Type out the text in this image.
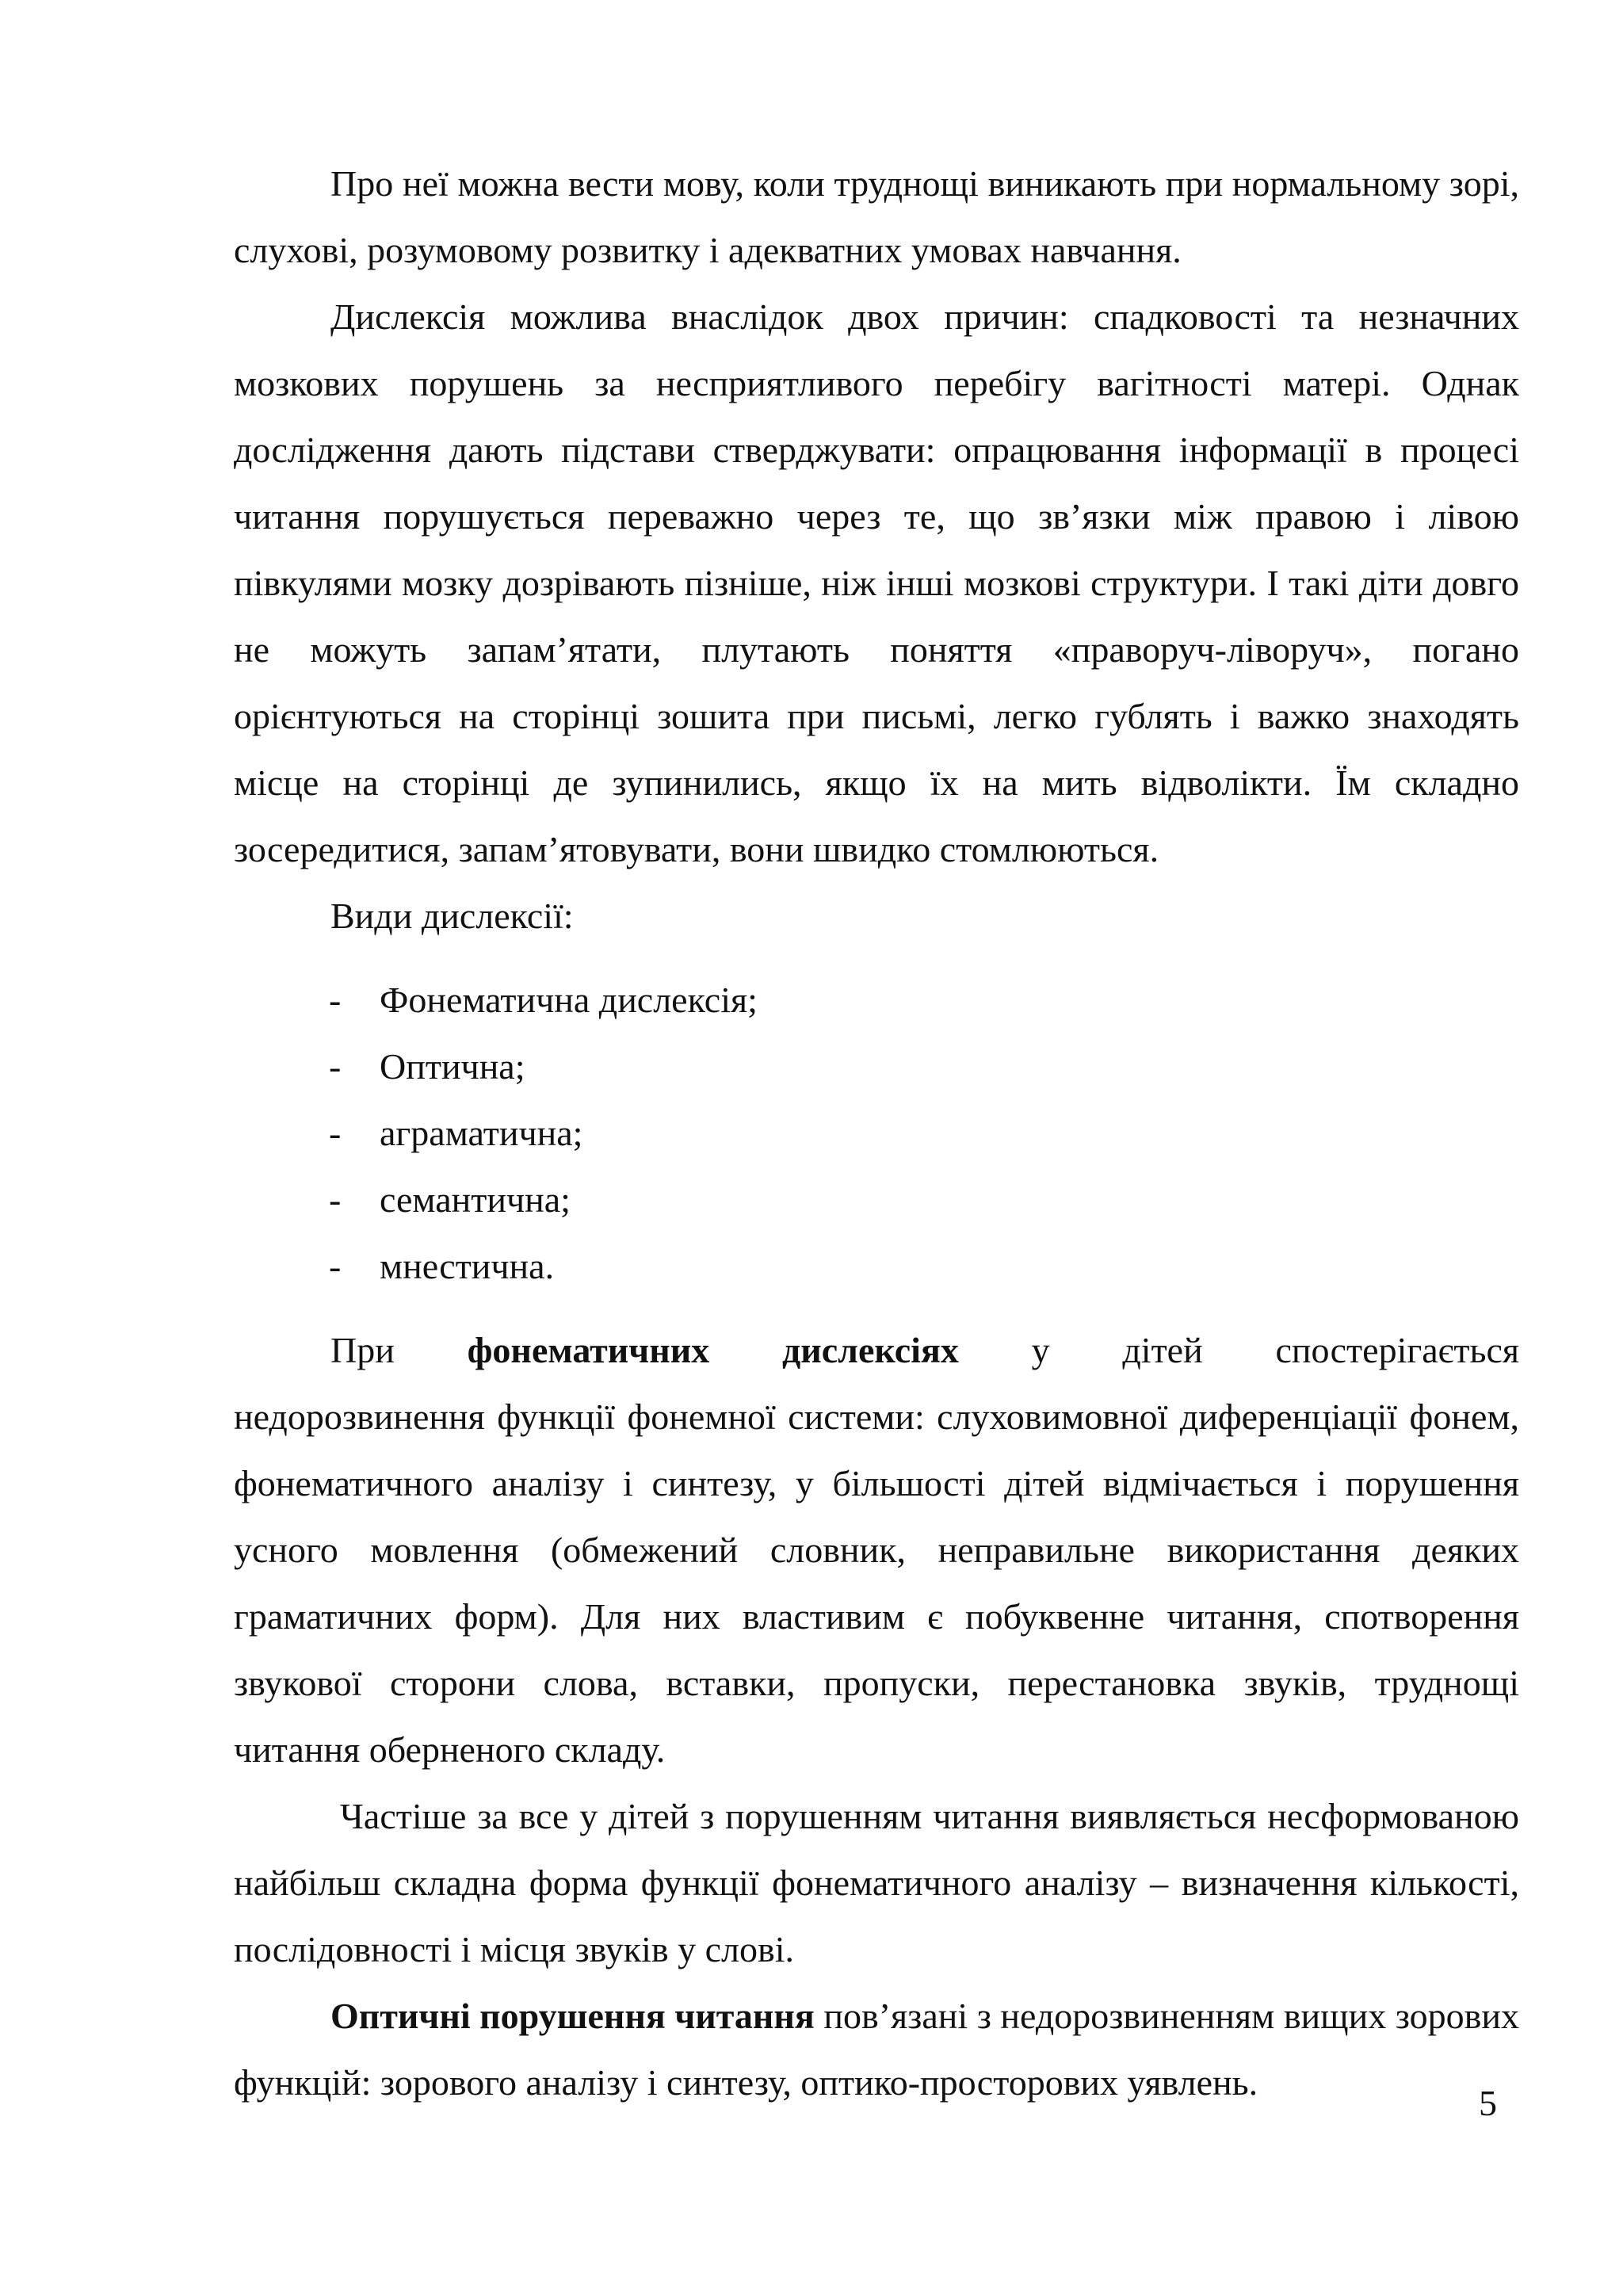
Про неї можна вести мову, коли труднощі виникають при нормальному зорі, слухові, розумовому розвитку і адекватних умовах навчання.

Дислексія можлива внаслідок двох причин: спадковості та незначних мозкових порушень за несприятливого перебігу вагітності матері. Однак дослідження дають підстави стверджувати: опрацювання інформації в процесі читання порушується переважно через те, що зв’язки між правою і лівою півкулями мозку дозрівають пізніше, ніж інші мозкові структури. І такі діти довго не можуть запам’ятати, плутають поняття «праворуч-ліворуч», погано орієнтуються на сторінці зошита при письмі, легко гублять і важко знаходять місце на сторінці де зупинились, якщо їх на мить відволікти. Їм складно зосередитися, запам’ятовувати, вони швидко стомлюються.

Види дислексії:

- Фонематична дислексія;
- Оптична;
- аграматична;
- семантична;
- мнестична.

При фонематичних дислексіях у дітей спостерігається

недорозвинення функції фонемної системи: слуховимовної диференціації фонем, фонематичного аналізу і синтезу, у більшості дітей відмічається і порушення усного мовлення (обмежений словник, неправильне використання деяких граматичних форм). Для них властивим є побуквенне читання, спотворення звукової сторони слова, вставки, пропуски, перестановка звуків, труднощі читання оберненого складу.

Частіше за все у дітей з порушенням читання виявляється несформованою найбільш складна форма функції фонематичного аналізу – визначення кількості, послідовності і місця звуків у слові.

Оптичні порушення читання пов’язані з недорозвиненням вищих зорових функцій: зорового аналізу і синтезу, оптико-просторових уявлень.

5
